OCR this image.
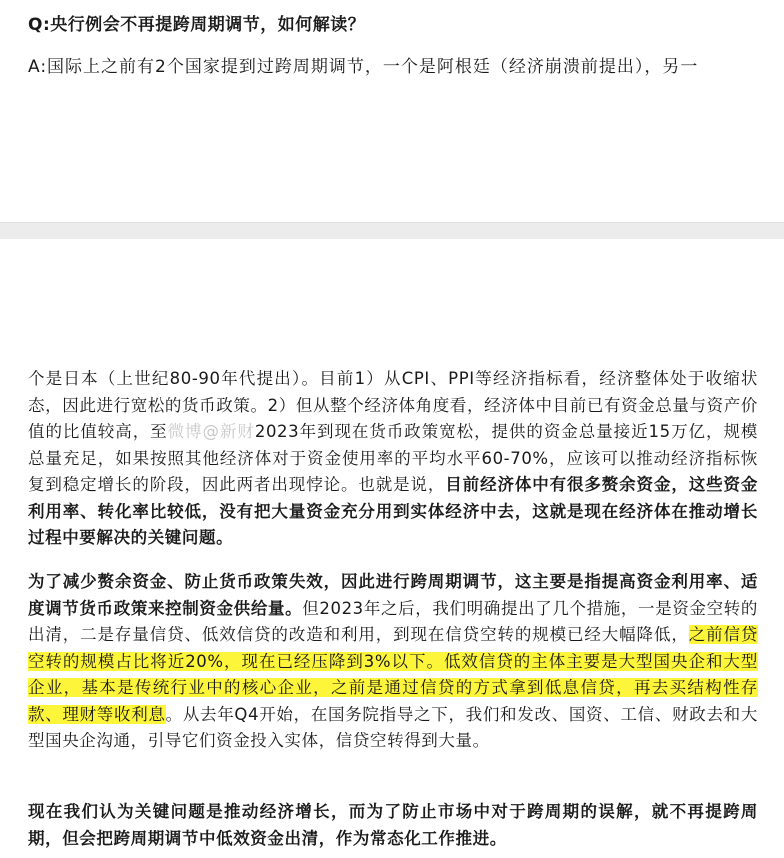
Q:央行例会不再提跨周期调节，如何解读？
A:国际上之前有2个国家提到过跨周期调节，一个是阿根廷（经济崩溃前提出），另一
个是日本（上世纪80-90年代提出）。目前1）从CPI、PPI等经济指标看，经济整体处于收缩状态，因此进行宽松的货币政策。2）但从整个经济体角度看，经济体中目前已有资金总量与资产价值的比值较高，至微博@新财2023年到现在货币政策宽松，提供的资金总量接近15万亿，规模总量充足，如果按照其他经济体对于资金使用率的平均水平60-70%，应该可以推动经济指标恢复到稳定增长的阶段，因此两者出现悖论。也就是说，目前经济体中有很多赘余资金，这些资金利用率、转化率比较低，没有把大量资金充分用到实体经济中去，这就是现在经济体在推动增长过程中要解决的关键问题。
为了减少赘余资金、防止货币政策失效，因此进行跨周期调节，这主要是指提高资金利用率、适度调节货币政策来控制资金供给量。但2023年之后，我们明确提出了几个措施，一是资金空转的出清，二是存量信贷、低效信贷的改造和利用，到现在信贷空转的规模已经大幅降低，之前信贷空转的规模占比将近20%，现在已经压降到3%以下。低效信贷的主体主要是大型国央企和大型企业，基本是传统行业中的核心企业，之前是通过信贷的方式拿到低息信贷，再去买结构性存款、理财等收利息。从去年Q4开始，在国务院指导之下，我们和发改、国资、工信、财政去和大型国央企沟通，引导它们资金投入实体，信贷空转得到大量。
现在我们认为关键问题是推动经济增长，而为了防止市场中对于跨周期的误解，就不再提跨周期，但会把跨周期调节中低效资金出清，作为常态化工作推进。
